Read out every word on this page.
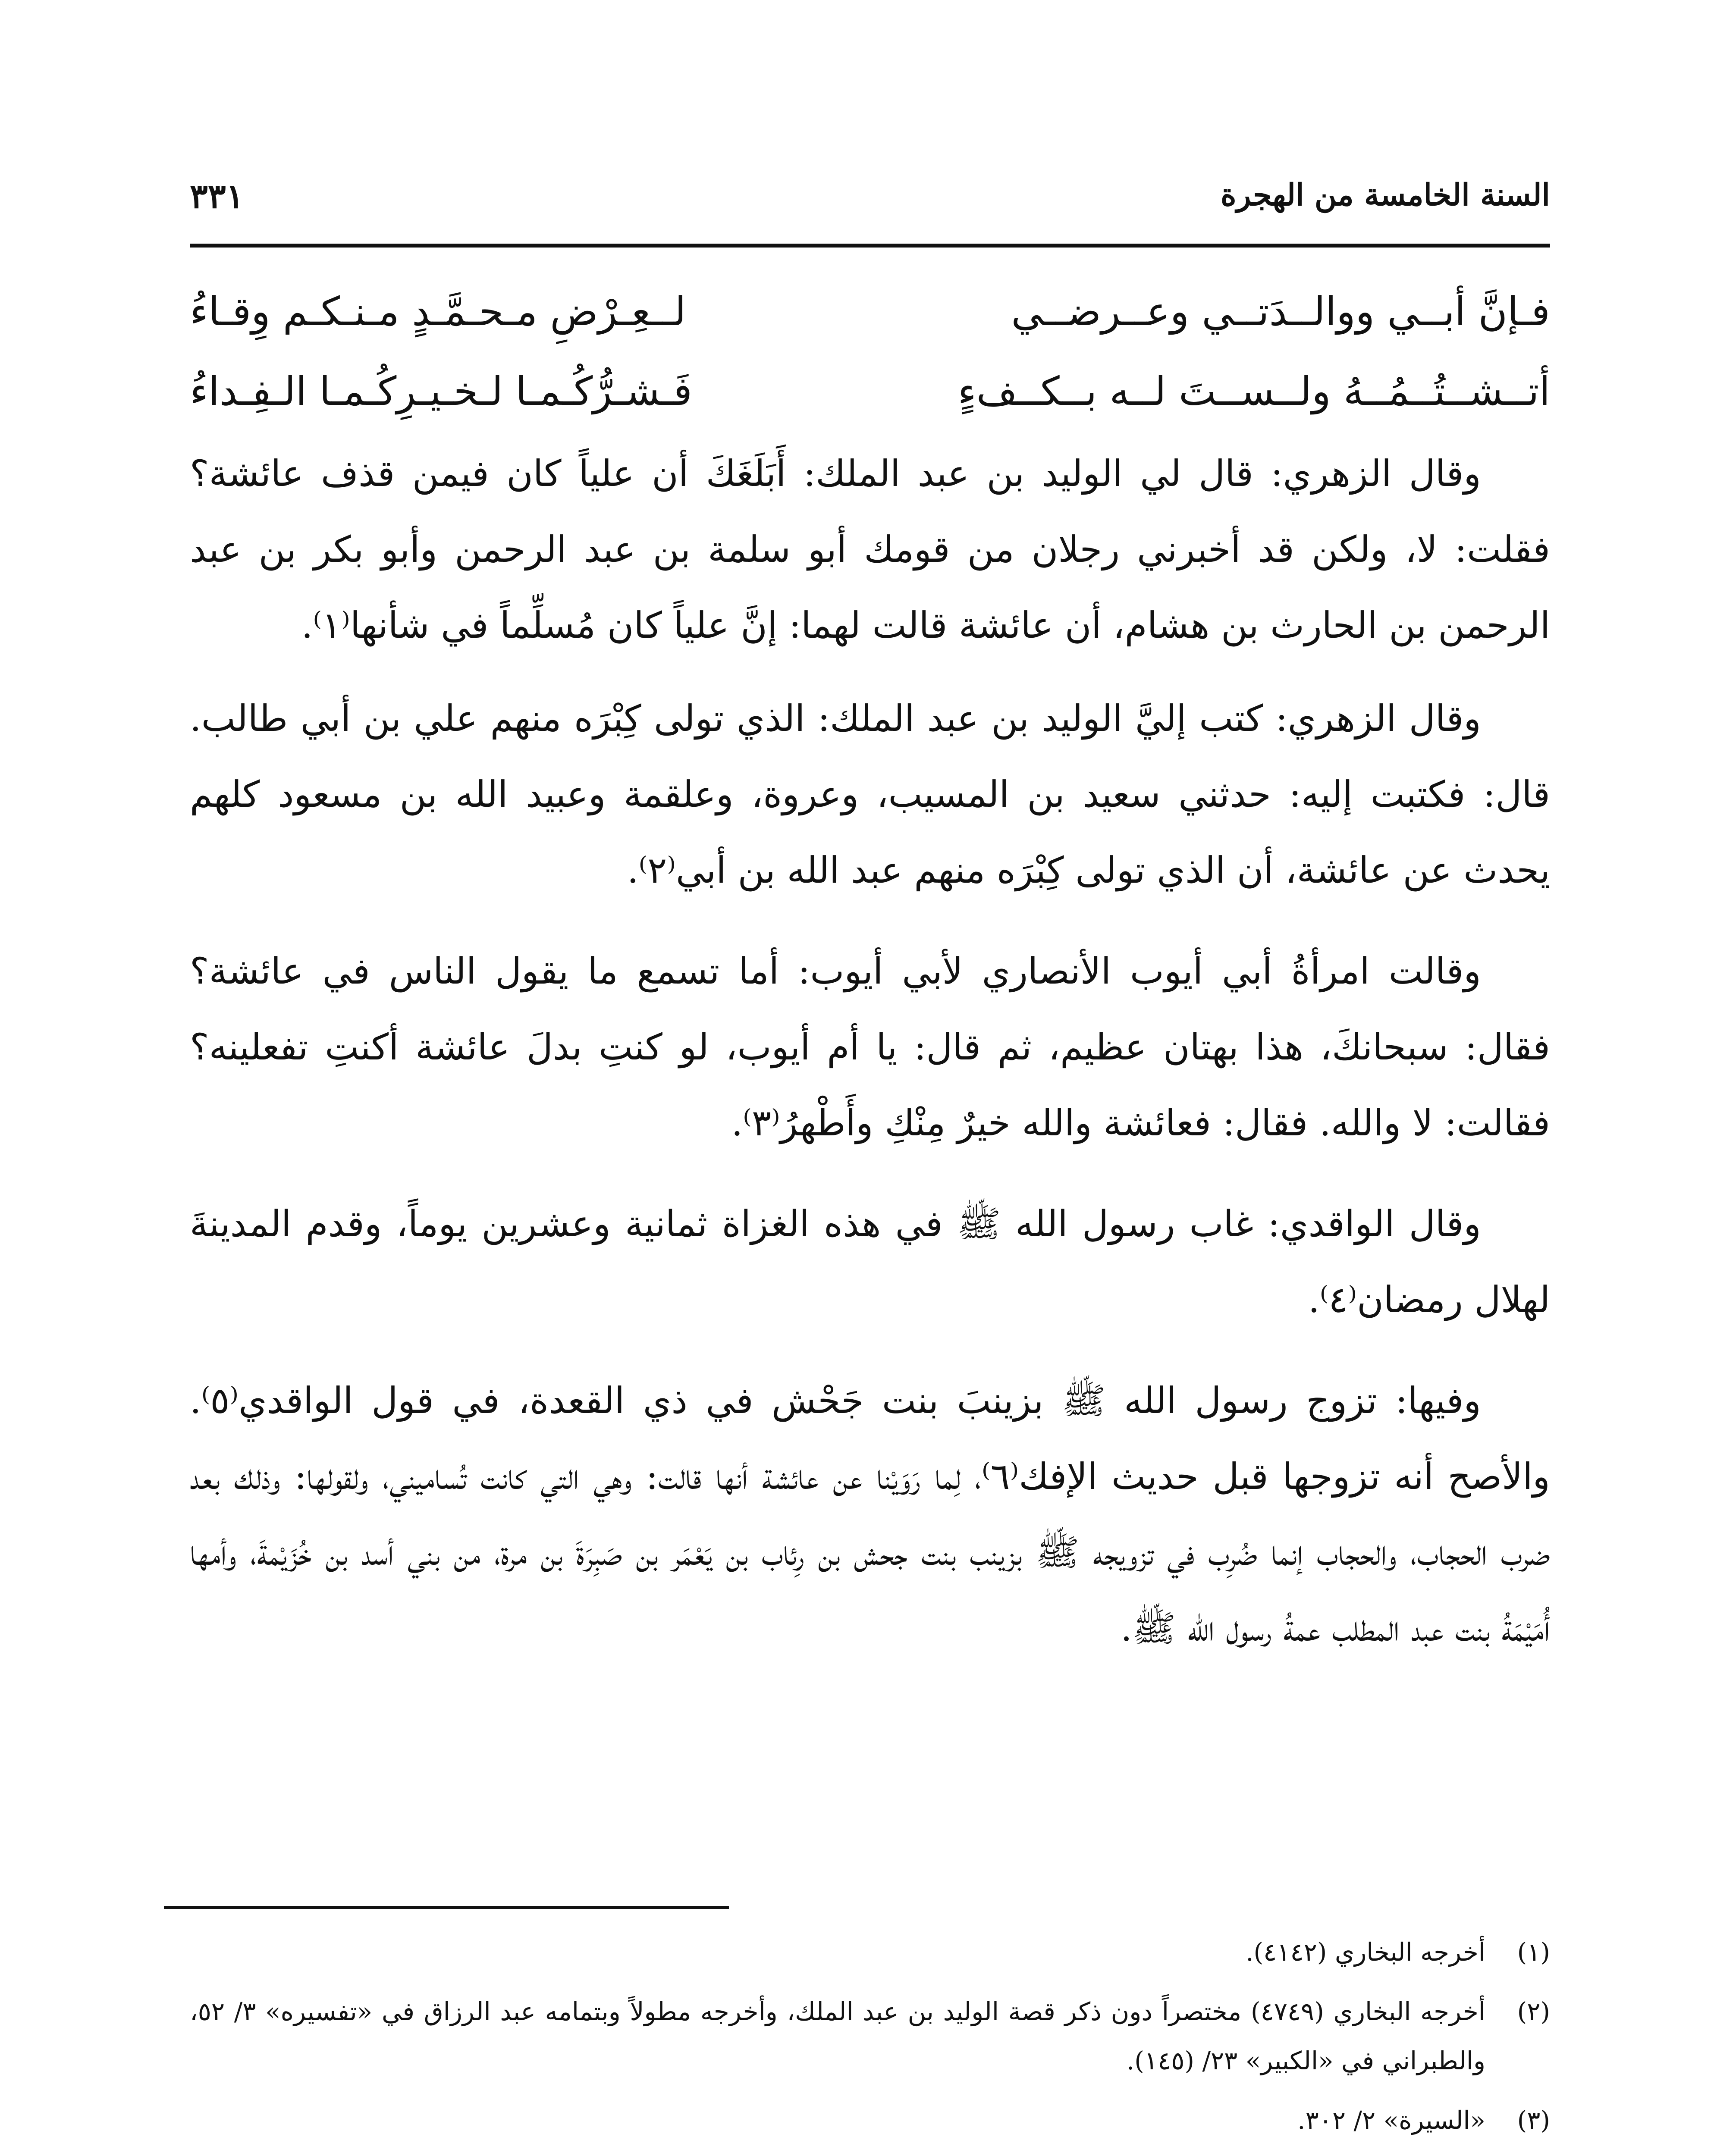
السنة الخامسة من الهجرة
٣٣١
فـإنَّ أبــي ووالــدَتــي وعــرضــي
لــعِـرْضِ مـحـمَّـدٍ مـنـكـم وِقـاءُ
أتــشــتُــمُــهُ ولــســتَ لــه بــكــفءٍ
فَـشـرُّكُـمـا لـخـيـرِكُـمـا الـفِـداءُ

وقال الزهري: قال لي الوليد بن عبد الملك: أَبَلَغَكَ أن علياً كان فيمن قذف عائشة؟ فقلت: لا، ولكن قد أخبرني رجلان من قومك أبو سلمة بن عبد الرحمن وأبو بكر بن عبد الرحمن بن الحارث بن هشام، أن عائشة قالت لهما: إنَّ علياً كان مُسلِّماً في شأنها⁽١⁾.

وقال الزهري: كتب إليَّ الوليد بن عبد الملك: الذي تولى كِبْرَه منهم علي بن أبي طالب. قال: فكتبت إليه: حدثني سعيد بن المسيب، وعروة، وعلقمة وعبيد الله بن مسعود كلهم يحدث عن عائشة، أن الذي تولى كِبْرَه منهم عبد الله بن أبي⁽٢⁾.

وقالت امرأةُ أبي أيوب الأنصاري لأبي أيوب: أما تسمع ما يقول الناس في عائشة؟ فقال: سبحانكَ، هذا بهتان عظيم، ثم قال: يا أم أيوب، لو كنتِ بدلَ عائشة أكنتِ تفعلينه؟ فقالت: لا والله. فقال: فعائشة والله خيرٌ مِنْكِ وأَطْهرُ⁽٣⁾.

وقال الواقدي: غاب رسول الله ﷺ في هذه الغزاة ثمانية وعشرين يوماً، وقدم المدينةَ لهلال رمضان⁽٤⁾.

وفيها: تزوج رسول الله ﷺ بزينبَ بنت جَحْش في ذي القعدة، في قول الواقدي⁽٥⁾. والأصح أنه تزوجها قبل حديث الإفك⁽٦⁾، لِما رَوَيْنا عن عائشة أنها قالت: وهي التي كانت تُساميني، ولقولها: وذلك بعد ضرب الحجاب، والحجاب إنما ضُرِب في تزويجه ﷺ بزينب بنت جحش بن رِئاب بن يَعْمَر بن صَبِرَةَ بن مرة، من بني أسد بن خُزَيْمةَ، وأمها أُمَيْمَةُ بنت عبد المطلب عمةُ رسول الله ﷺ.

(١)أخرجه البخاري (٤١٤٢).

(٢)أخرجه البخاري (٤٧٤٩) مختصراً دون ذكر قصة الوليد بن عبد الملك، وأخرجه مطولاً وبتمامه عبد الرزاق في «تفسيره» ٣/ ٥٢، والطبراني في «الكبير» ٢٣/ (١٤٥).

(٣)«السيرة» ٢/ ٣٠٢.
